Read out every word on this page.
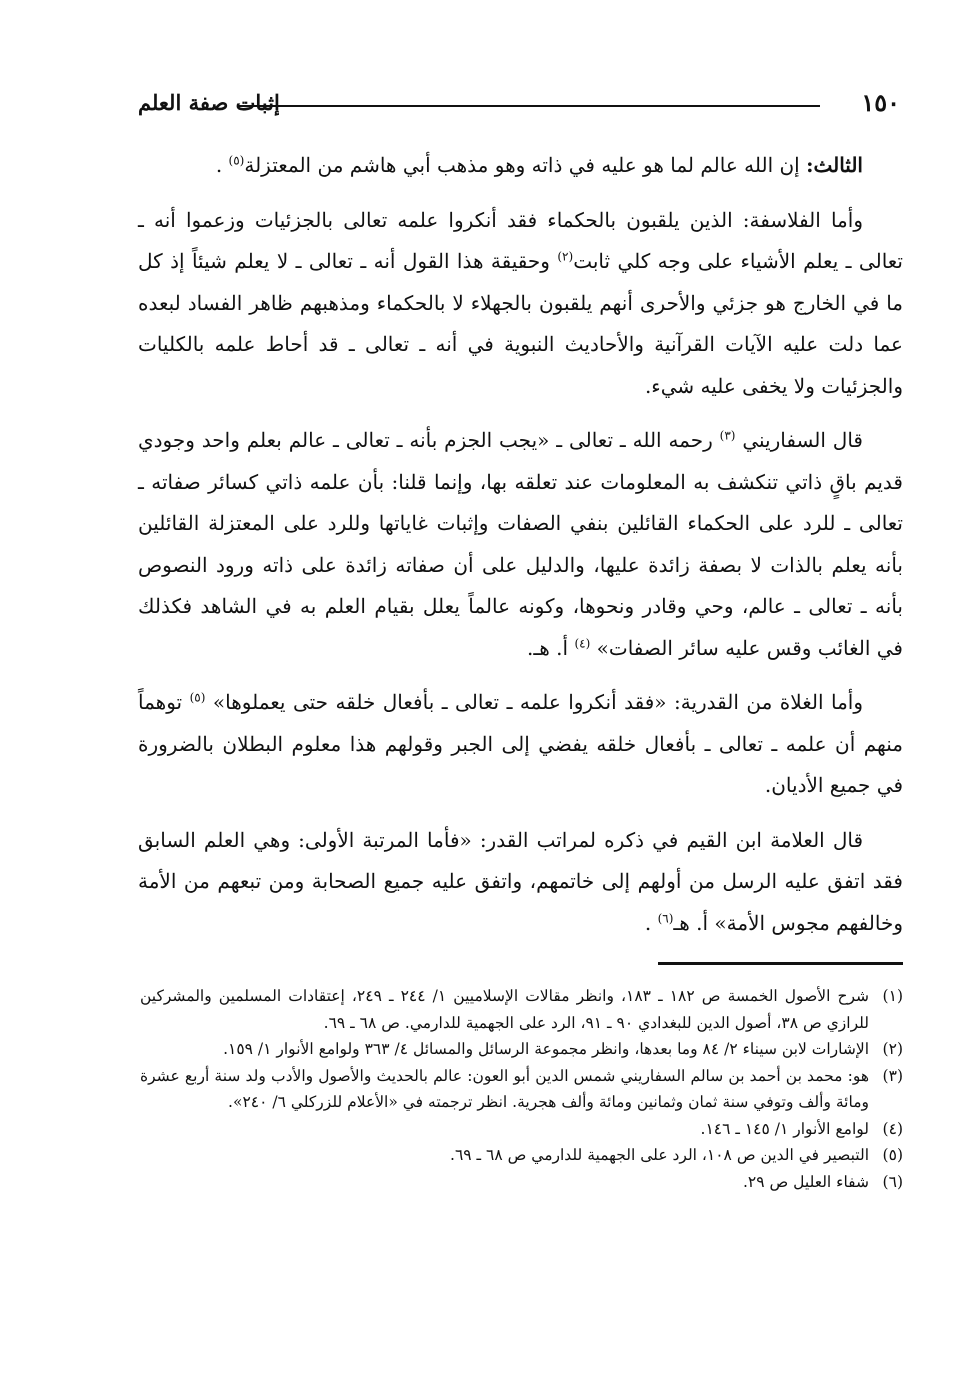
١٥٠
إثبات صفة العلم

الثالث: إن الله عالم لما هو عليه في ذاته وهو مذهب أبي هاشم من المعتزلة$^{(٥)}$ .

وأما الفلاسفة: الذين يلقبون بالحكماء فقد أنكروا علمه تعالى بالجزئيات وزعموا أنه ـ تعالى ـ يعلم الأشياء على وجه كلي ثابت$^{(٢)}$ وحقيقة هذا القول أنه ـ تعالى ـ لا يعلم شيئاً إذ كل ما في الخارج هو جزئي والأحرى أنهم يلقبون بالجهلاء لا بالحكماء ومذهبهم ظاهر الفساد لبعده عما دلت عليه الآيات القرآنية والأحاديث النبوية في أنه ـ تعالى ـ قد أحاط علمه بالكليات والجزئيات ولا يخفى عليه شيء.

قال السفاريني $^{(٣)}$ رحمه الله ـ تعالى ـ «يجب الجزم بأنه ـ تعالى ـ عالم بعلم واحد وجودي قديم باقٍ ذاتي تنكشف به المعلومات عند تعلقه بها، وإنما قلنا: بأن علمه ذاتي كسائر صفاته ـ تعالى ـ للرد على الحكماء القائلين بنفي الصفات وإثبات غاياتها وللرد على المعتزلة القائلين بأنه يعلم بالذات لا بصفة زائدة عليها، والدليل على أن صفاته زائدة على ذاته ورود النصوص بأنه ـ تعالى ـ عالم، وحي وقادر ونحوها، وكونه عالماً يعلل بقيام العلم به في الشاهد فكذلك في الغائب وقس عليه سائر الصفات» $^{(٤)}$ أ. هـ.

وأما الغلاة من القدرية: «فقد أنكروا علمه ـ تعالى ـ بأفعال خلقه حتى يعملوها» $^{(٥)}$ توهماً منهم أن علمه ـ تعالى ـ بأفعال خلقه يفضي إلى الجبر وقولهم هذا معلوم البطلان بالضرورة في جميع الأديان.

قال العلامة ابن القيم في ذكره لمراتب القدر: «فأما المرتبة الأولى: وهي العلم السابق فقد اتفق عليه الرسل من أولهم إلى خاتمهم، واتفق عليه جميع الصحابة ومن تبعهم من الأمة وخالفهم مجوس الأمة» أ. هـ$^{(٦)}$ .

(١)شرح الأصول الخمسة ص ١٨٢ ـ ١٨٣، وانظر مقالات الإسلاميين ١/ ٢٤٤ ـ ٢٤٩، إعتقادات المسلمين والمشركين للرازي ص ٣٨، أصول الدين للبغدادي ٩٠ ـ ٩١، الرد على الجهمية للدارمي. ص ٦٨ ـ ٦٩.

(٢)الإشارات لابن سيناء ٢/ ٨٤ وما بعدها، وانظر مجموعة الرسائل والمسائل ٤/ ٣٦٣ ولوامع الأنوار ١/ ١٥٩.

(٣)هو: محمد بن أحمد بن سالم السفاريني شمس الدين أبو العون: عالم بالحديث والأصول والأدب ولد سنة أربع عشرة ومائة وألف وتوفي سنة ثمان وثمانين ومائة وألف هجرية. انظر ترجمته في «الأعلام للزركلي ٦/ ٢٤٠».

(٤)لوامع الأنوار ١/ ١٤٥ ـ ١٤٦.

(٥)التبصير في الدين ص ١٠٨، الرد على الجهمية للدارمي ص ٦٨ ـ ٦٩.

(٦)شفاء العليل ص ٢٩.
